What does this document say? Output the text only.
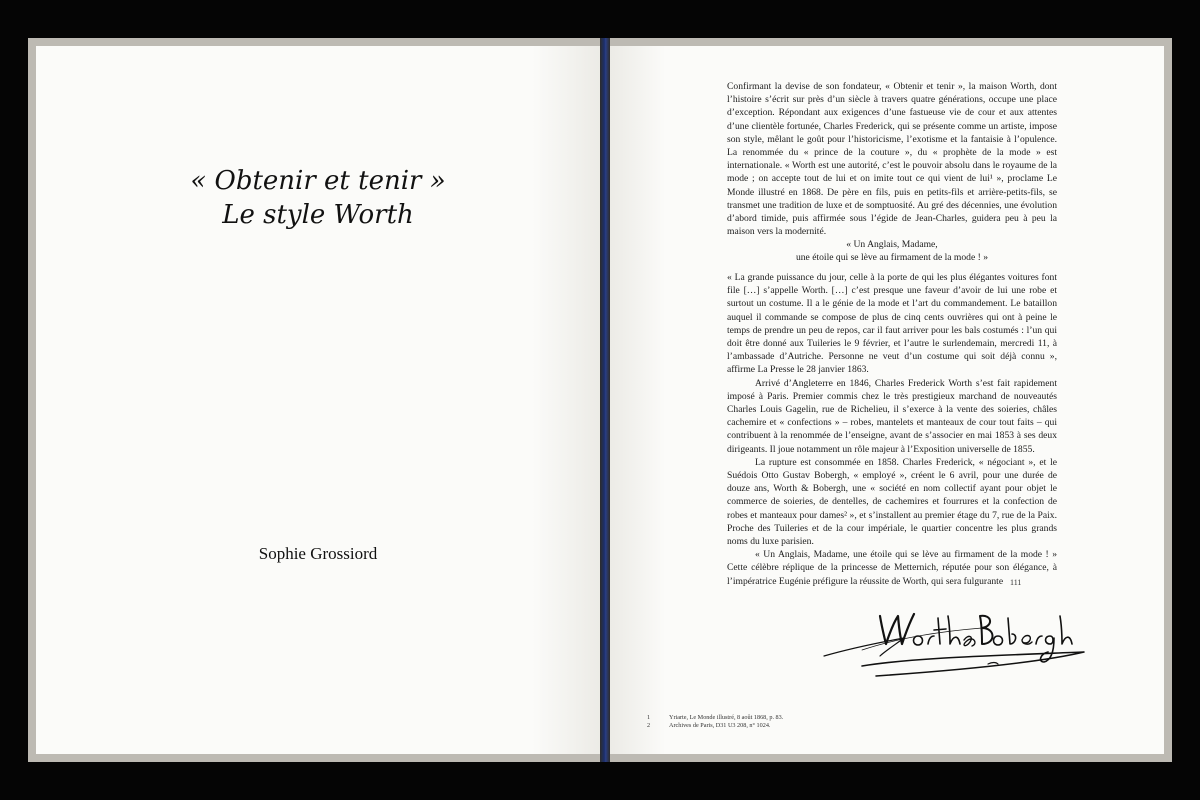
« Obtenir et tenir »
Le style Worth
Sophie Grossiord

Confirmant la devise de son fondateur, « Obtenir et tenir », la maison Worth, dont l’histoire s’écrit sur près d’un siècle à travers quatre générations, occupe une place d’exception. Répondant aux exigences d’une fastueuse vie de cour et aux attentes d’une clientèle fortunée, Charles Frederick, qui se présente comme un artiste, impose son style, mêlant le goût pour l’historicisme, l’exotisme et la fantaisie à l’opulence. La renommée du « prince de la couture », du « prophète de la mode » est internationale. « Worth est une autorité, c’est le pouvoir absolu dans le royaume de la mode ; on accepte tout de lui et on imite tout ce qui vient de lui¹ », proclame Le Monde illustré en 1868. De père en fils, puis en petits-fils et arrière-petits-fils, se transmet une tradition de luxe et de somptuosité. Au gré des décennies, une évolution d’abord timide, puis affirmée sous l’égide de Jean-Charles, guidera peu à peu la maison vers la modernité.

« Un Anglais, Madame,

une étoile qui se lève au firmament de la mode ! »

« La grande puissance du jour, celle à la porte de qui les plus élégantes voitures font file […] s’appelle Worth. […] c’est presque une faveur d’avoir de lui une robe et surtout un costume. Il a le génie de la mode et l’art du commandement. Le bataillon auquel il commande se compose de plus de cinq cents ouvrières qui ont à peine le temps de prendre un peu de repos, car il faut arriver pour les bals costumés : l’un qui doit être donné aux Tuileries le 9 février, et l’autre le surlendemain, mercredi 11, à l’ambassade d’Autriche. Personne ne veut d’un costume qui soit déjà connu », affirme La Presse le 28 janvier 1863.

Arrivé d’Angleterre en 1846, Charles Frederick Worth s’est fait rapidement imposé à Paris. Premier commis chez le très prestigieux marchand de nouveautés Charles Louis Gagelin, rue de Richelieu, il s’exerce à la vente des soieries, châles cachemire et « confections » – robes, mantelets et manteaux de cour tout faits – qui contribuent à la renommée de l’enseigne, avant de s’associer en mai 1853 à ses deux dirigeants. Il joue notamment un rôle majeur à l’Exposition universelle de 1855.

La rupture est consommée en 1858. Charles Frederick, « négociant », et le Suédois Otto Gustav Bobergh, « employé », créent le 6 avril, pour une durée de douze ans, Worth & Bobergh, une « société en nom collectif ayant pour objet le commerce de soieries, de dentelles, de cachemires et fourrures et la confection de robes et manteaux pour dames² », et s’installent au premier étage du 7, rue de la Paix. Proche des Tuileries et de la cour impériale, le quartier concentre les plus grands noms du luxe parisien.

« Un Anglais, Madame, une étoile qui se lève au firmament de la mode ! » Cette célèbre réplique de la princesse de Metternich, réputée pour son élégance, à l’impératrice Eugénie préfigure la réussite de Worth, qui sera fulgurante 111
1	Yriarte, Le Monde illustré, 8 août 1868, p. 83.
2	Archives de Paris, D31 U3 208, n° 1024.
